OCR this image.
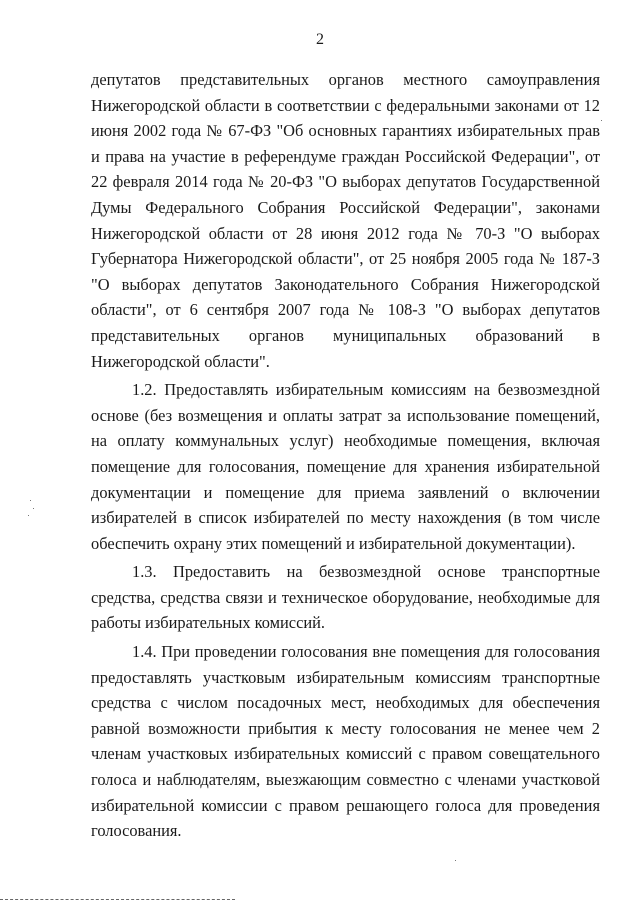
2

депутатов представительных органов местного самоуправления Нижегородской области в соответствии с федеральными законами от 12 июня 2002 года № 67-ФЗ "Об основных гарантиях избирательных прав и права на участие в референдуме граждан Российской Федерации", от 22 февраля 2014 года № 20-ФЗ "О выборах депутатов Государственной Думы Федерального Собрания Российской Федерации", законами Нижегородской области от 28 июня 2012 года № 70-З "О выборах Губернатора Нижегородской области", от 25 ноября 2005 года № 187-З "О выборах депутатов Законодательного Собрания Нижегородской области", от 6 сентября 2007 года № 108-З "О выборах депутатов представительных органов муниципальных образований в Нижегородской области".

1.2. Предоставлять избирательным комиссиям на безвозмездной основе (без возмещения и оплаты затрат за использование помещений, на оплату коммунальных услуг) необходимые помещения, включая помещение для голосования, помещение для хранения избирательной документации и помещение для приема заявлений о включении избирателей в список избирателей по месту нахождения (в том числе обеспечить охрану этих помещений и избирательной документации).

1.3. Предоставить на безвозмездной основе транспортные средства, средства связи и техническое оборудование, необходимые для работы избирательных комиссий.

1.4. При проведении голосования вне помещения для голосования предоставлять участковым избирательным комиссиям транспортные средства с числом посадочных мест, необходимых для обеспечения равной возможности прибытия к месту голосования не менее чем 2 членам участковых избирательных комиссий с правом совещательного голоса и наблюдателям, выезжающим совместно с членами участковой избирательной комиссии с правом решающего голоса для проведения голосования.
